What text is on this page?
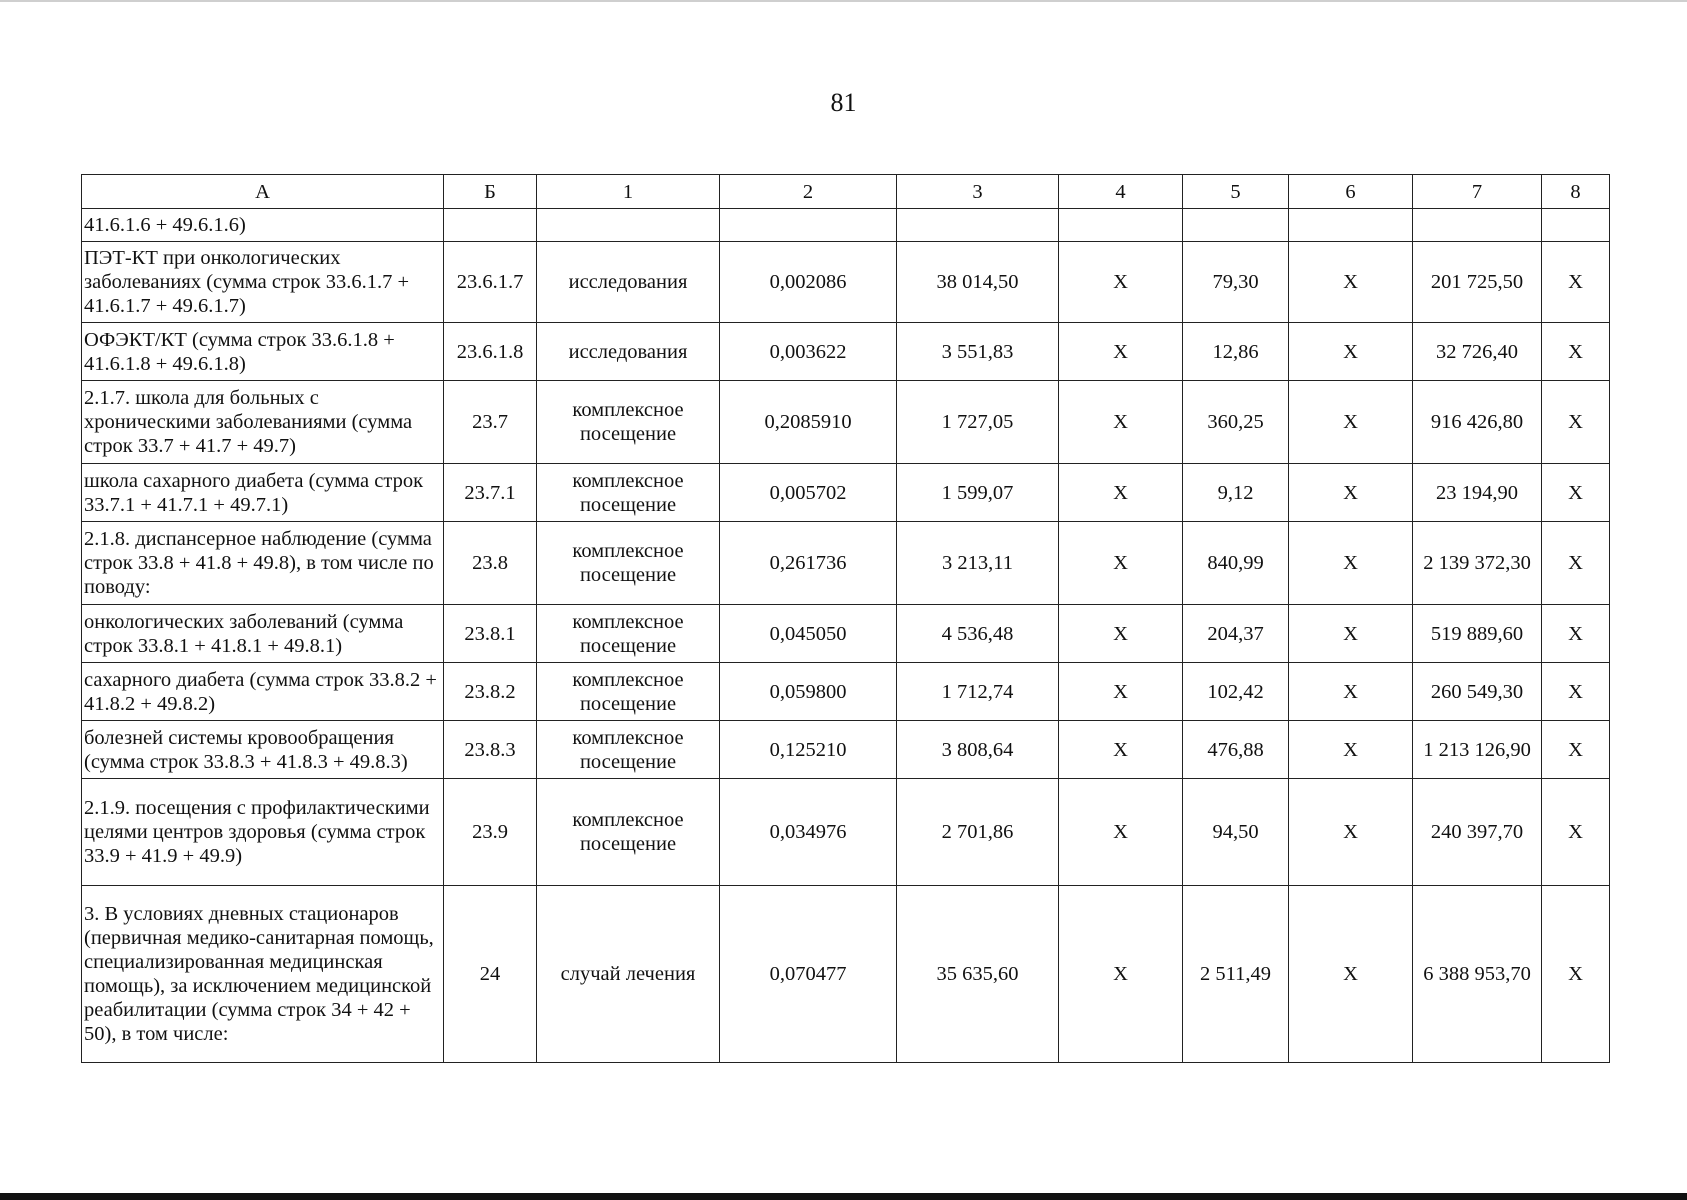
81
А	Б	1	2	3	4	5	6	7	8
41.6.1.6 + 49.6.1.6)									
ПЭТ-КТ при онкологических заболеваниях (сумма строк 33.6.1.7 + 41.6.1.7 + 49.6.1.7)	23.6.1.7	исследования	0,002086	38 014,50	Х	79,30	Х	201 725,50	Х
ОФЭКТ/КТ (сумма строк 33.6.1.8 + 41.6.1.8 + 49.6.1.8)	23.6.1.8	исследования	0,003622	3 551,83	Х	12,86	Х	32 726,40	Х
2.1.7. школа для больных с хроническими заболеваниями (сумма строк 33.7 + 41.7 + 49.7)	23.7	комплексное посещение	0,2085910	1 727,05	Х	360,25	Х	916 426,80	Х
школа сахарного диабета (сумма строк 33.7.1 + 41.7.1 + 49.7.1)	23.7.1	комплексное посещение	0,005702	1 599,07	Х	9,12	Х	23 194,90	Х
2.1.8. диспансерное наблюдение (сумма строк 33.8 + 41.8 + 49.8), в том числе по поводу:	23.8	комплексное посещение	0,261736	3 213,11	Х	840,99	Х	2 139 372,30	Х
онкологических заболеваний (сумма строк 33.8.1 + 41.8.1 + 49.8.1)	23.8.1	комплексное посещение	0,045050	4 536,48	Х	204,37	Х	519 889,60	Х
сахарного диабета (сумма строк 33.8.2 + 41.8.2 + 49.8.2)	23.8.2	комплексное посещение	0,059800	1 712,74	Х	102,42	Х	260 549,30	Х
болезней системы кровообращения (сумма строк 33.8.3 + 41.8.3 + 49.8.3)	23.8.3	комплексное посещение	0,125210	3 808,64	Х	476,88	Х	1 213 126,90	Х
2.1.9. посещения с профилактическими целями центров здоровья (сумма строк 33.9 + 41.9 + 49.9)	23.9	комплексное посещение	0,034976	2 701,86	Х	94,50	Х	240 397,70	Х
3. В условиях дневных стационаров (первичная медико-санитарная помощь, специализированная медицинская помощь), за исключением медицинской реабилитации (сумма строк 34 + 42 + 50), в том числе:	24	случай лечения	0,070477	35 635,60	Х	2 511,49	Х	6 388 953,70	Х
